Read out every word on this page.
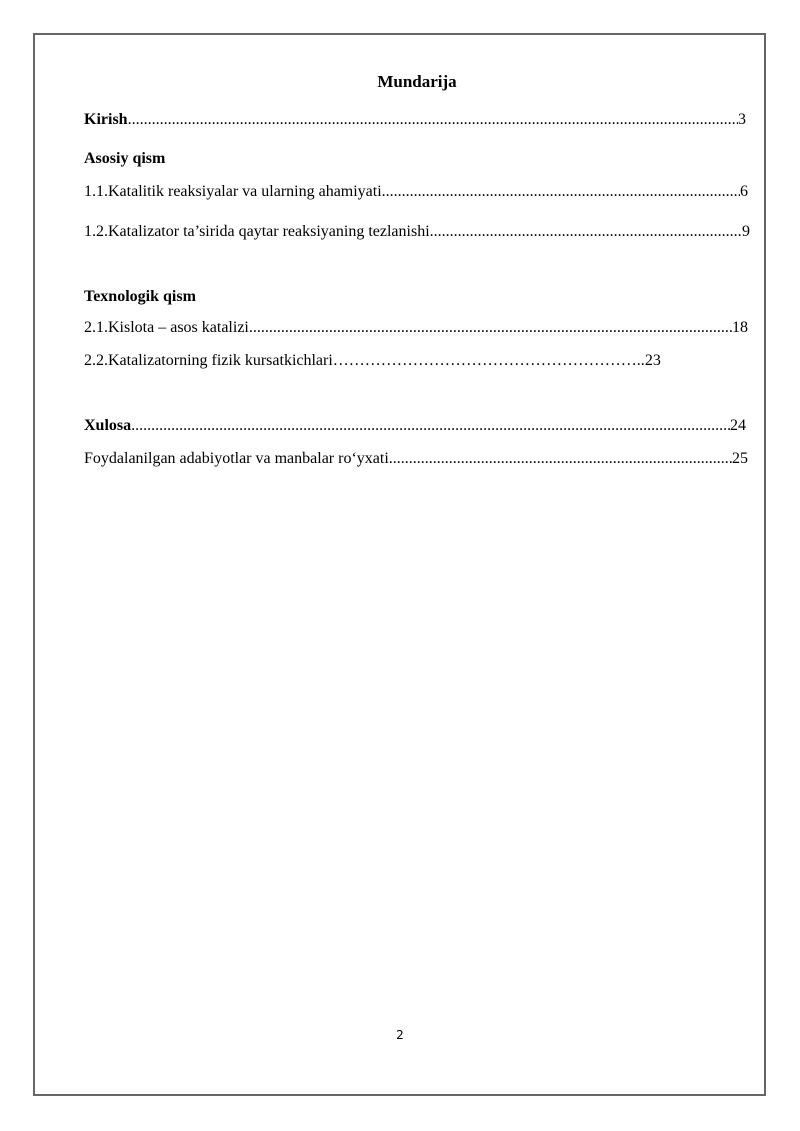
Mundarija
Kirish .....	3
Asosiy qism
1.1.Katalitik reaksiyalar va ularning ahamiyati .....	6
1.2.Katalizator ta’sirida qaytar reaksiyaning tezlanishi .....	9
Texnologik qism
2.1.Kislota – asos katalizi .....	18
2.2.Katalizatorning fizik kursatkichlari………………………………………………….. 23
Xulosa .....	24
Foydalanilgan adabiyotlar va manbalar ro‘yxati .....	25
2
